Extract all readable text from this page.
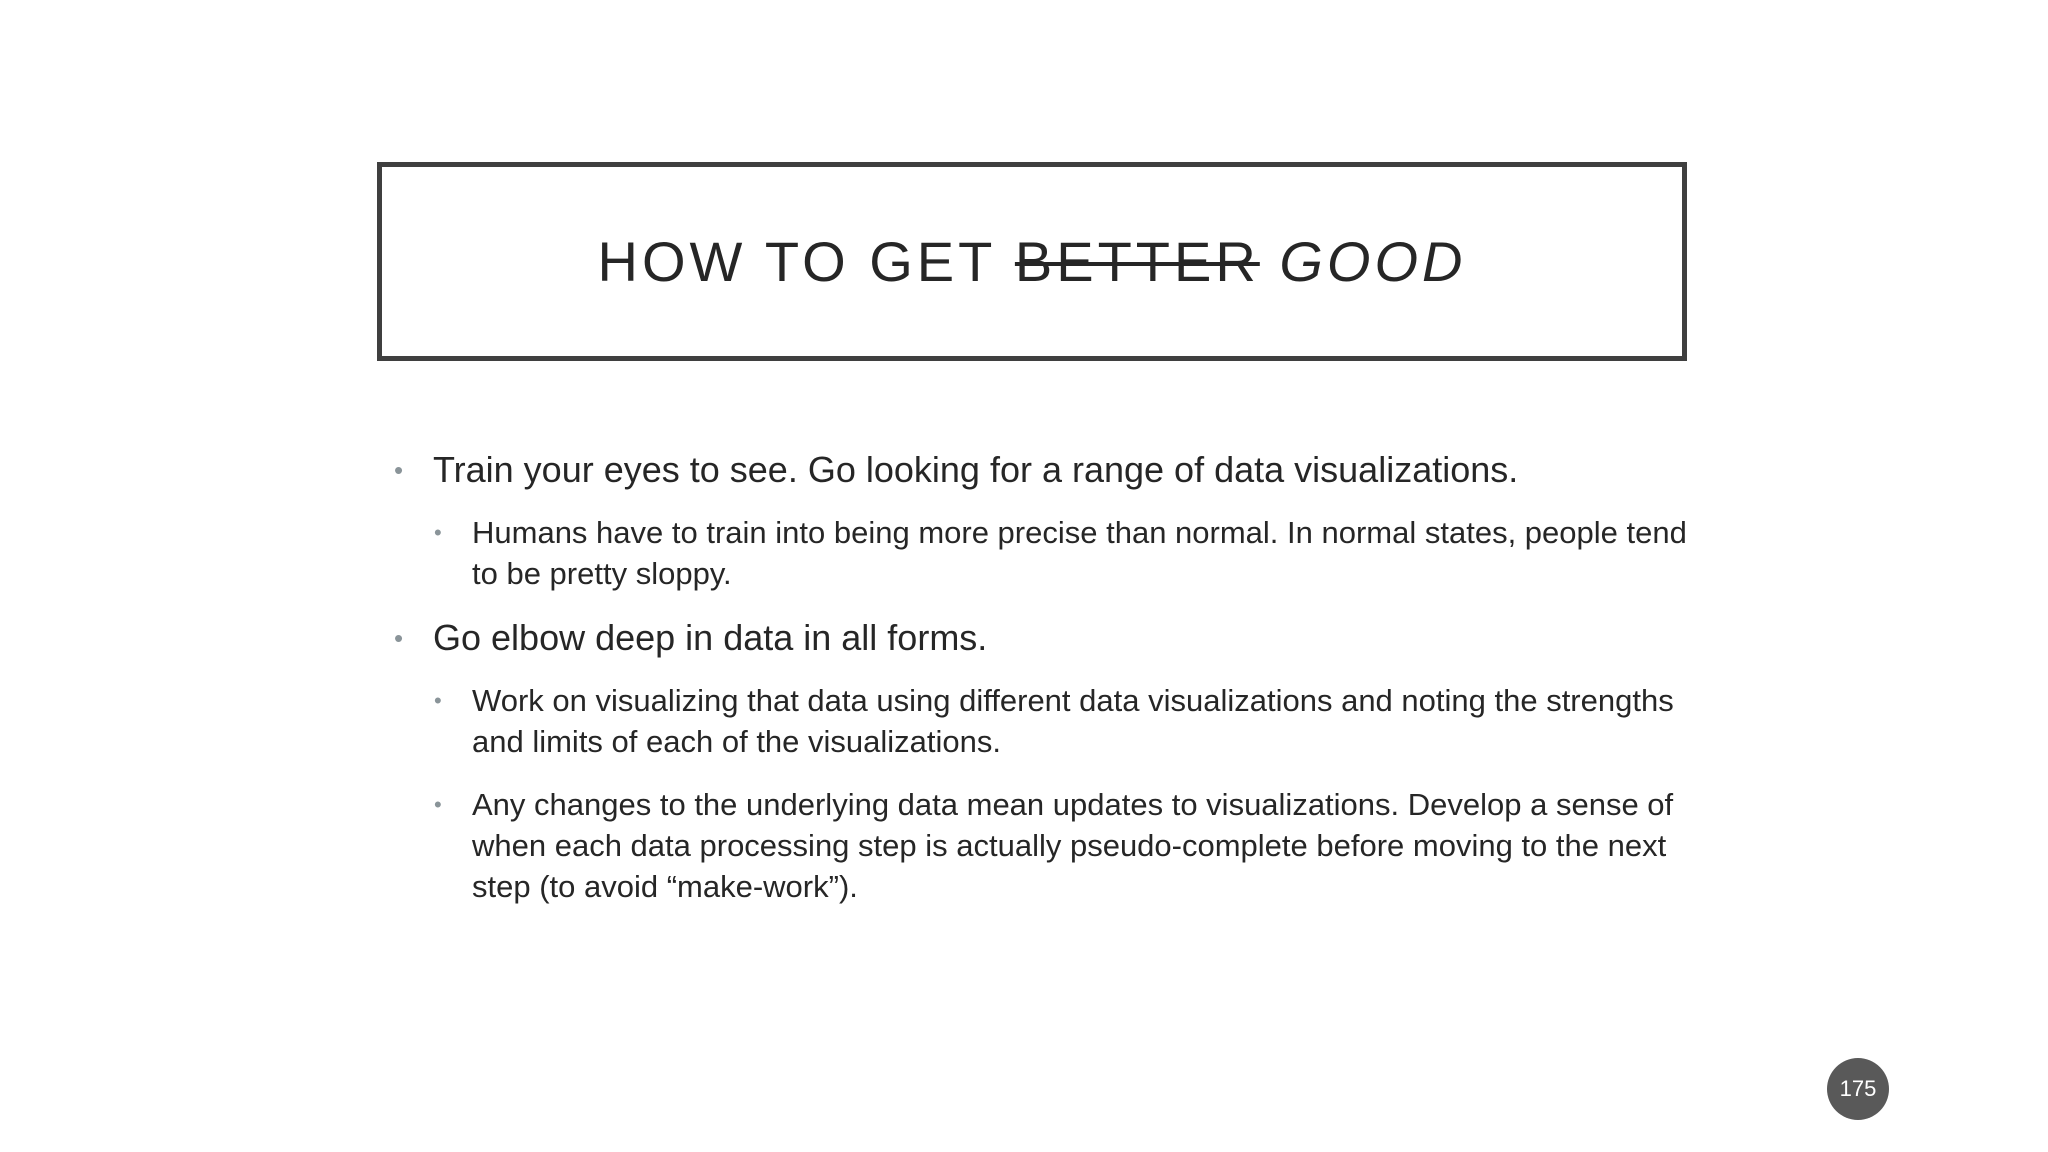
HOW TO GET BETTER GOOD

• Train your eyes to see. Go looking for a range of data visualizations.

• Humans have to train into being more precise than normal. In normal states, people tend to be pretty sloppy.

• Go elbow deep in data in all forms.

• Work on visualizing that data using different data visualizations and noting the strengths and limits of each of the visualizations.

• Any changes to the underlying data mean updates to visualizations. Develop a sense of when each data processing step is actually pseudo-complete before moving to the next step (to avoid “make-work”).

175
